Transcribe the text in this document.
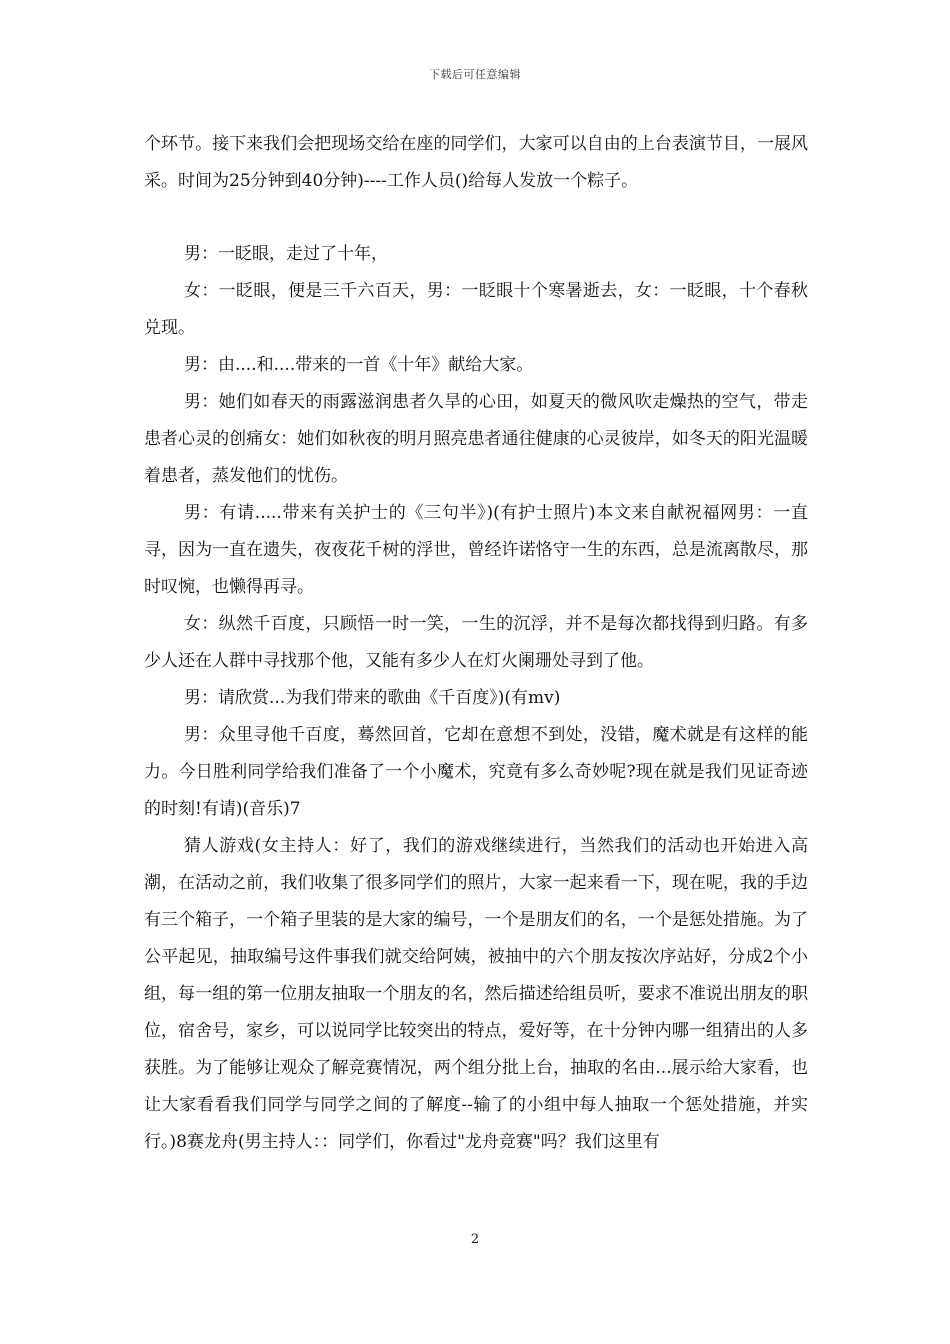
下载后可任意编辑

个环节。接下来我们会把现场交给在座的同学们，大家可以自由的上台表演节目，一展风采。时间为25分钟到40分钟)----工作人员()给每人发放一个粽子。

男：一眨眼，走过了十年，

女：一眨眼，便是三千六百天，男：一眨眼十个寒暑逝去，女：一眨眼，十个春秋兑现。

男：由....和....带来的一首《十年》献给大家。

男：她们如春天的雨露滋润患者久旱的心田，如夏天的微风吹走燥热的空气，带走患者心灵的创痛女：她们如秋夜的明月照亮患者通往健康的心灵彼岸，如冬天的阳光温暖着患者，蒸发他们的忧伤。

男：有请.....带来有关护士的《三句半》)(有护士照片)本文来自献祝福网男：一直寻，因为一直在遗失，夜夜花千树的浮世，曾经许诺恪守一生的东西，总是流离散尽，那时叹惋，也懒得再寻。

女：纵然千百度，只顾悟一时一笑，一生的沉浮，并不是每次都找得到归路。有多少人还在人群中寻找那个他，又能有多少人在灯火阑珊处寻到了他。

男：请欣赏...为我们带来的歌曲《千百度》)(有mv)

男：众里寻他千百度，蓦然回首，它却在意想不到处，没错，魔术就是有这样的能力。今日胜利同学给我们准备了一个小魔术，究竟有多么奇妙呢?现在就是我们见证奇迹的时刻!有请)(音乐)7

猜人游戏(女主持人：好了，我们的游戏继续进行，当然我们的活动也开始进入高潮，在活动之前，我们收集了很多同学们的照片，大家一起来看一下，现在呢，我的手边有三个箱子，一个箱子里装的是大家的编号，一个是朋友们的名，一个是惩处措施。为了公平起见，抽取编号这件事我们就交给阿姨，被抽中的六个朋友按次序站好，分成2个小组，每一组的第一位朋友抽取一个朋友的名，然后描述给组员听，要求不准说出朋友的职位，宿舍号，家乡，可以说同学比较突出的特点，爱好等，在十分钟内哪一组猜出的人多获胜。为了能够让观众了解竞赛情况，两个组分批上台，抽取的名由...展示给大家看，也让大家看看我们同学与同学之间的了解度--输了的小组中每人抽取一个惩处措施，并实行。)8赛龙舟(男主持人：：同学们，你看过"龙舟竞赛"吗？我们这里有

2
